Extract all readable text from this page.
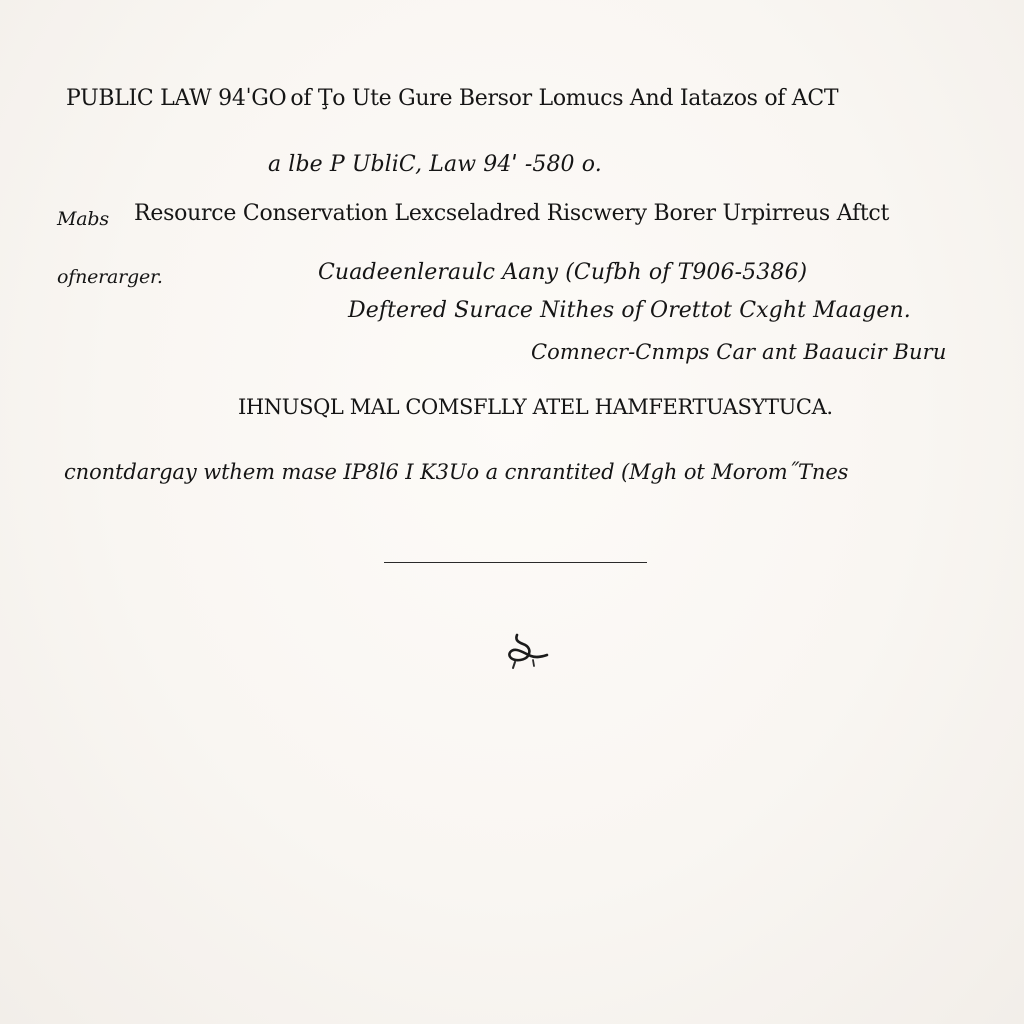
PUBLIC LAW 94ˈGO of Ţo Ute Gure Bersor Lomucs And Iatazos of ACT
a lbe P UbliC, Law 94ˈ -580 o.
Mabs Resource Conservation Lexcseladred Riscwery Borer Urpirreus Aftct
ofnerarger.	Cuadeenleraulc Aany (Cufbh of T906-5386)
Deftered Surace Nithes of Orettot Cxght Maagen.
Comnecr-Cnmps Car ant Baaucir Buru
IHNUSQL MAL COMSFLLY ATEL HAMFERTUASYTUCA.
cnontdargay wthem mase IP8l6 I K3Uo a cnrantited (Mgh ot Morom˝Tnes
